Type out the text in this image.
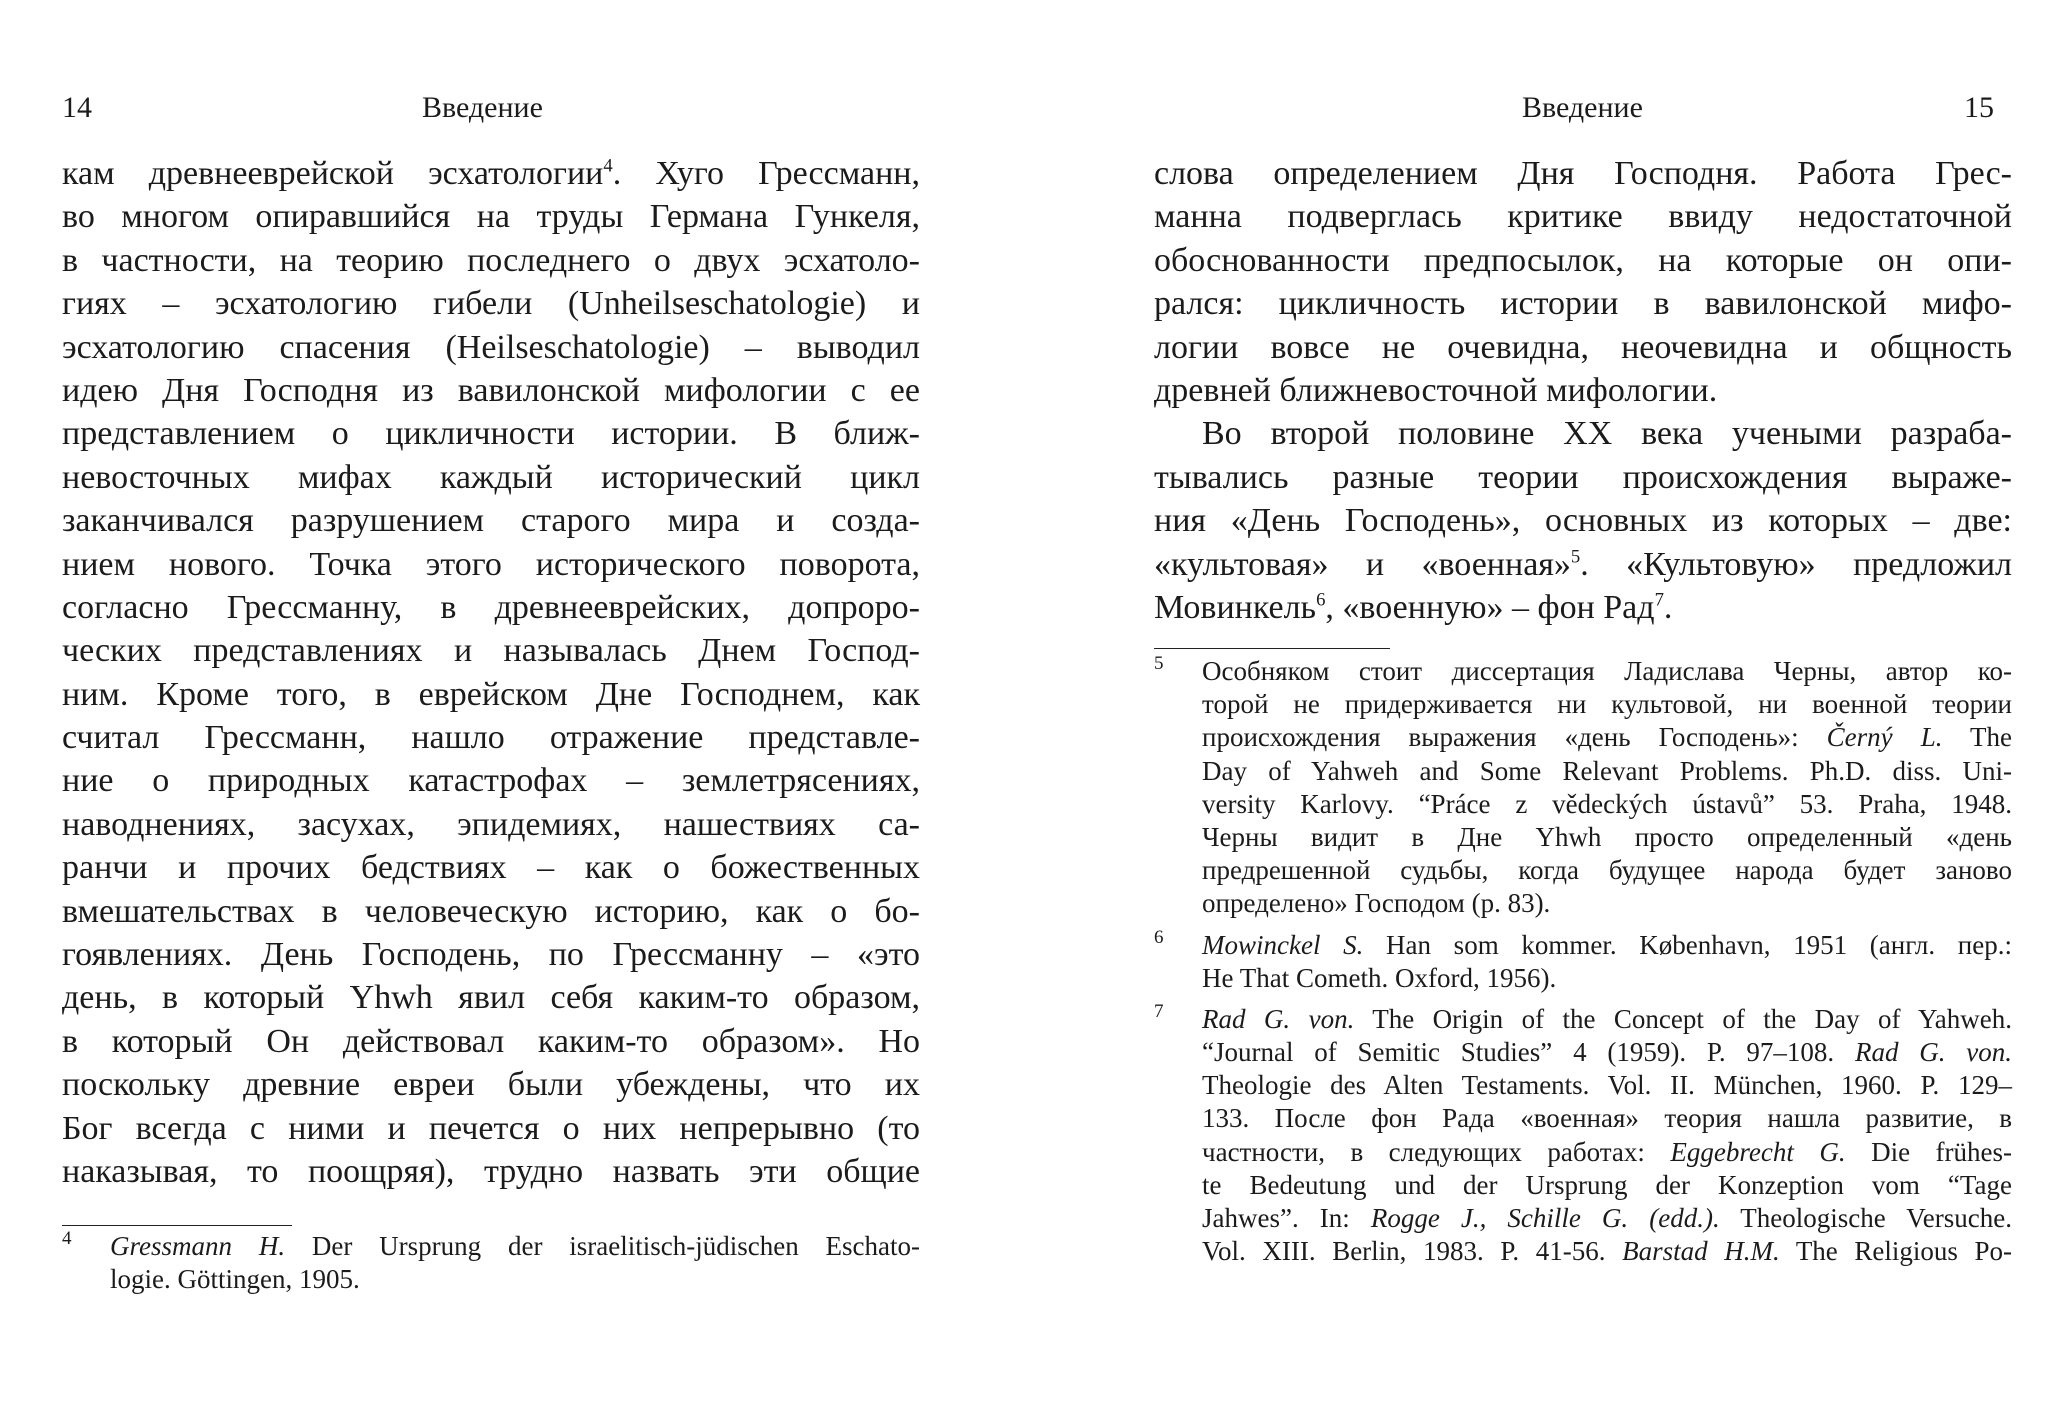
14	Введение
кам древнееврейской эсхатологии$^4$. Хуго Грессманн,
во многом опиравшийся на труды Германа Гункеля,
в частности, на теорию последнего о двух эсхатоло-
гиях – эсхатологию гибели (Unheilseschatologie) и
эсхатологию спасения (Heilseschatologie) – выводил
идею Дня Господня из вавилонской мифологии с ее
представлением о цикличности истории. В ближ-
невосточных мифах каждый исторический цикл
заканчивался разрушением старого мира и созда-
нием нового. Точка этого исторического поворота,
согласно Грессманну, в древнееврейских, допроро-
ческих представлениях и называлась Днем Господ-
ним. Кроме того, в еврейском Дне Господнем, как
считал Грессманн, нашло отражение представле-
ние о природных катастрофах – землетрясениях,
наводнениях, засухах, эпидемиях, нашествиях са-
ранчи и прочих бедствиях – как о божественных
вмешательствах в человеческую историю, как о бо-
гоявлениях. День Господень, по Грессманну – «это
день, в который Yhwh явил себя каким-то образом,
в который Он действовал каким-то образом». Но
поскольку древние евреи были убеждены, что их
Бог всегда с ними и печется о них непрерывно (то
наказывая, то поощряя), трудно назвать эти общие
4 Gressmann H. Der Ursprung der israelitisch-jüdischen Eschato-
logie. Göttingen, 1905.
Введение	15
слова определением Дня Господня. Работа Грес-
манна подверглась критике ввиду недостаточной
обоснованности предпосылок, на которые он опи-
рался: цикличность истории в вавилонской мифо-
логии вовсе не очевидна, неочевидна и общность
древней ближневосточной мифологии.
Во второй половине XX века учеными разраба-
тывались разные теории происхождения выраже-
ния «День Господень», основных из которых – две:
«культовая» и «военная»$^5$. «Культовую» предложил
Мовинкель$^6$, «военную» – фон Рад$^7$.
5 Особняком стоит диссертация Ладислава Черны, автор ко-
торой не придерживается ни культовой, ни военной теории
происхождения выражения «день Господень»: Černý L. The
Day of Yahweh and Some Relevant Problems. Ph.D. diss. Uni-
versity Karlovy. “Práce z vědeckých ústavů” 53. Praha, 1948.
Черны видит в Дне Yhwh просто определенный «день
предрешенной судьбы, когда будущее народа будет заново
определено» Господом (p. 83).
6 Mowinckel S. Han som kommer. København, 1951 (англ. пер.:
He That Cometh. Oxford, 1956).
7 Rad G. von. The Origin of the Concept of the Day of Yahweh.
“Journal of Semitic Studies” 4 (1959). P. 97–108. Rad G. von.
Theologie des Alten Testaments. Vol. II. München, 1960. P. 129–
133. После фон Рада «военная» теория нашла развитие, в
частности, в следующих работах: Eggebrecht G. Die frühes-
te Bedeutung und der Ursprung der Konzeption vom “Tage
Jahwes”. In: Rogge J., Schille G. (edd.). Theologische Versuche.
Vol. XIII. Berlin, 1983. P. 41-56. Barstad H.M. The Religious Po-
